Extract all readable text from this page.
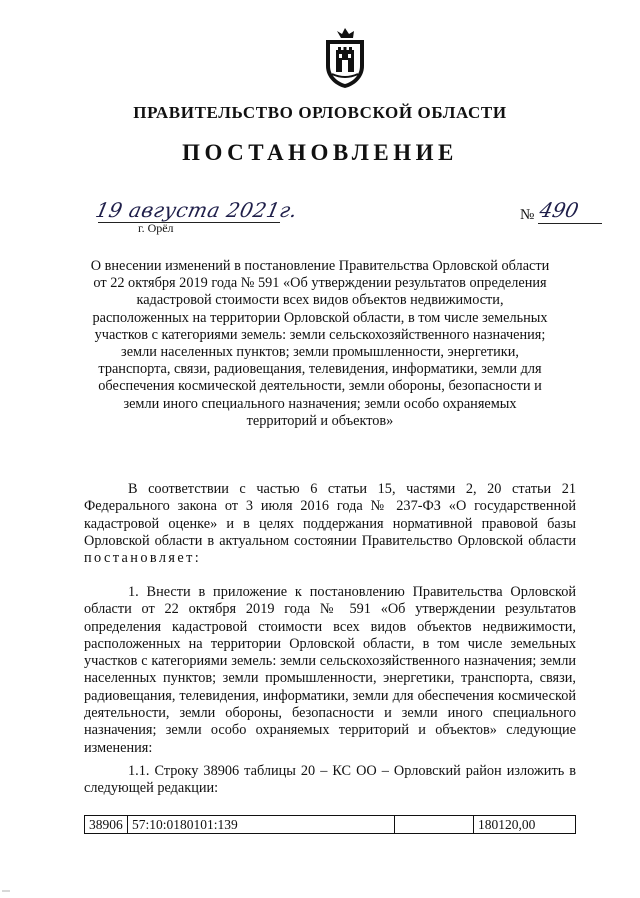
ПРАВИТЕЛЬСТВО ОРЛОВСКОЙ ОБЛАСТИ
ПОСТАНОВЛЕНИЕ
19 августа 2021г.
г. Орёл
№ 490
О внесении изменений в постановление Правительства Орловской области от 22 октября 2019 года № 591 «Об утверждении результатов определения кадастровой стоимости всех видов объектов недвижимости, расположенных на территории Орловской области, в том числе земельных участков с категориями земель: земли сельскохозяйственного назначения; земли населенных пунктов; земли промышленности, энергетики, транспорта, связи, радиовещания, телевидения, информатики, земли для обеспечения космической деятельности, земли обороны, безопасности и земли иного специального назначения; земли особо охраняемых территорий и объектов»
В соответствии с частью 6 статьи 15, частями 2, 20 статьи 21 Федерального закона от 3 июля 2016 года № 237-ФЗ «О государственной кадастровой оценке» и в целях поддержания нормативной правовой базы Орловской области в актуальном состоянии Правительство Орловской области постановляет:
1. Внести в приложение к постановлению Правительства Орловской области от 22 октября 2019 года № 591 «Об утверждении результатов определения кадастровой стоимости всех видов объектов недвижимости, расположенных на территории Орловской области, в том числе земельных участков с категориями земель: земли сельскохозяйственного назначения; земли населенных пунктов; земли промышленности, энергетики, транспорта, связи, радиовещания, телевидения, информатики, земли для обеспечения космической деятельности, земли обороны, безопасности и земли иного специального назначения; земли особо охраняемых территорий и объектов» следующие изменения:
1.1. Строку 38906 таблицы 20 – КС ОО – Орловский район изложить в следующей редакции:
38906	57:10:0180101:139		180120,00
